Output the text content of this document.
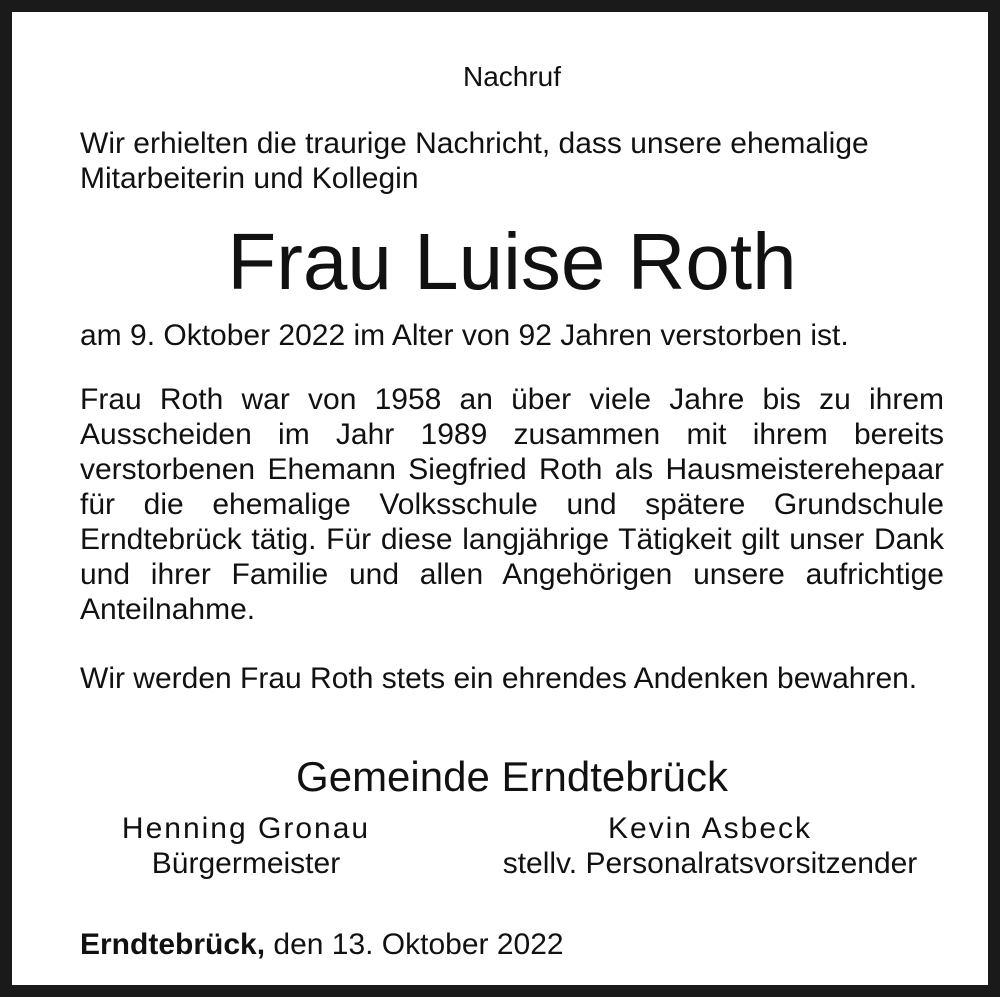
Nachruf

Wir erhielten die traurige Nachricht, dass unsere ehemalige

Mitarbeiterin und Kollegin

Frau Luise Roth
am 9. Oktober 2022 im Alter von 92 Jahren verstorben ist.

Frau Roth war von 1958 an über viele Jahre bis zu ihrem Ausscheiden im Jahr 1989 zusammen mit ihrem bereits verstorbenen Ehemann Siegfried Roth als Hausmeisterehepaar für die ehemalige Volksschule und spätere Grundschule Erndtebrück tätig. Für diese langjährige Tätigkeit gilt unser Dank und ihrer Familie und allen Angehörigen unsere aufrichtige Anteilnahme.

Wir werden Frau Roth stets ein ehrendes Andenken bewahren.

Gemeinde Erndtebrück

Henning Gronau

Bürgermeister

Kevin Asbeck

stellv. Personalratsvorsitzender

Erndtebrück, den 13. Oktober 2022
